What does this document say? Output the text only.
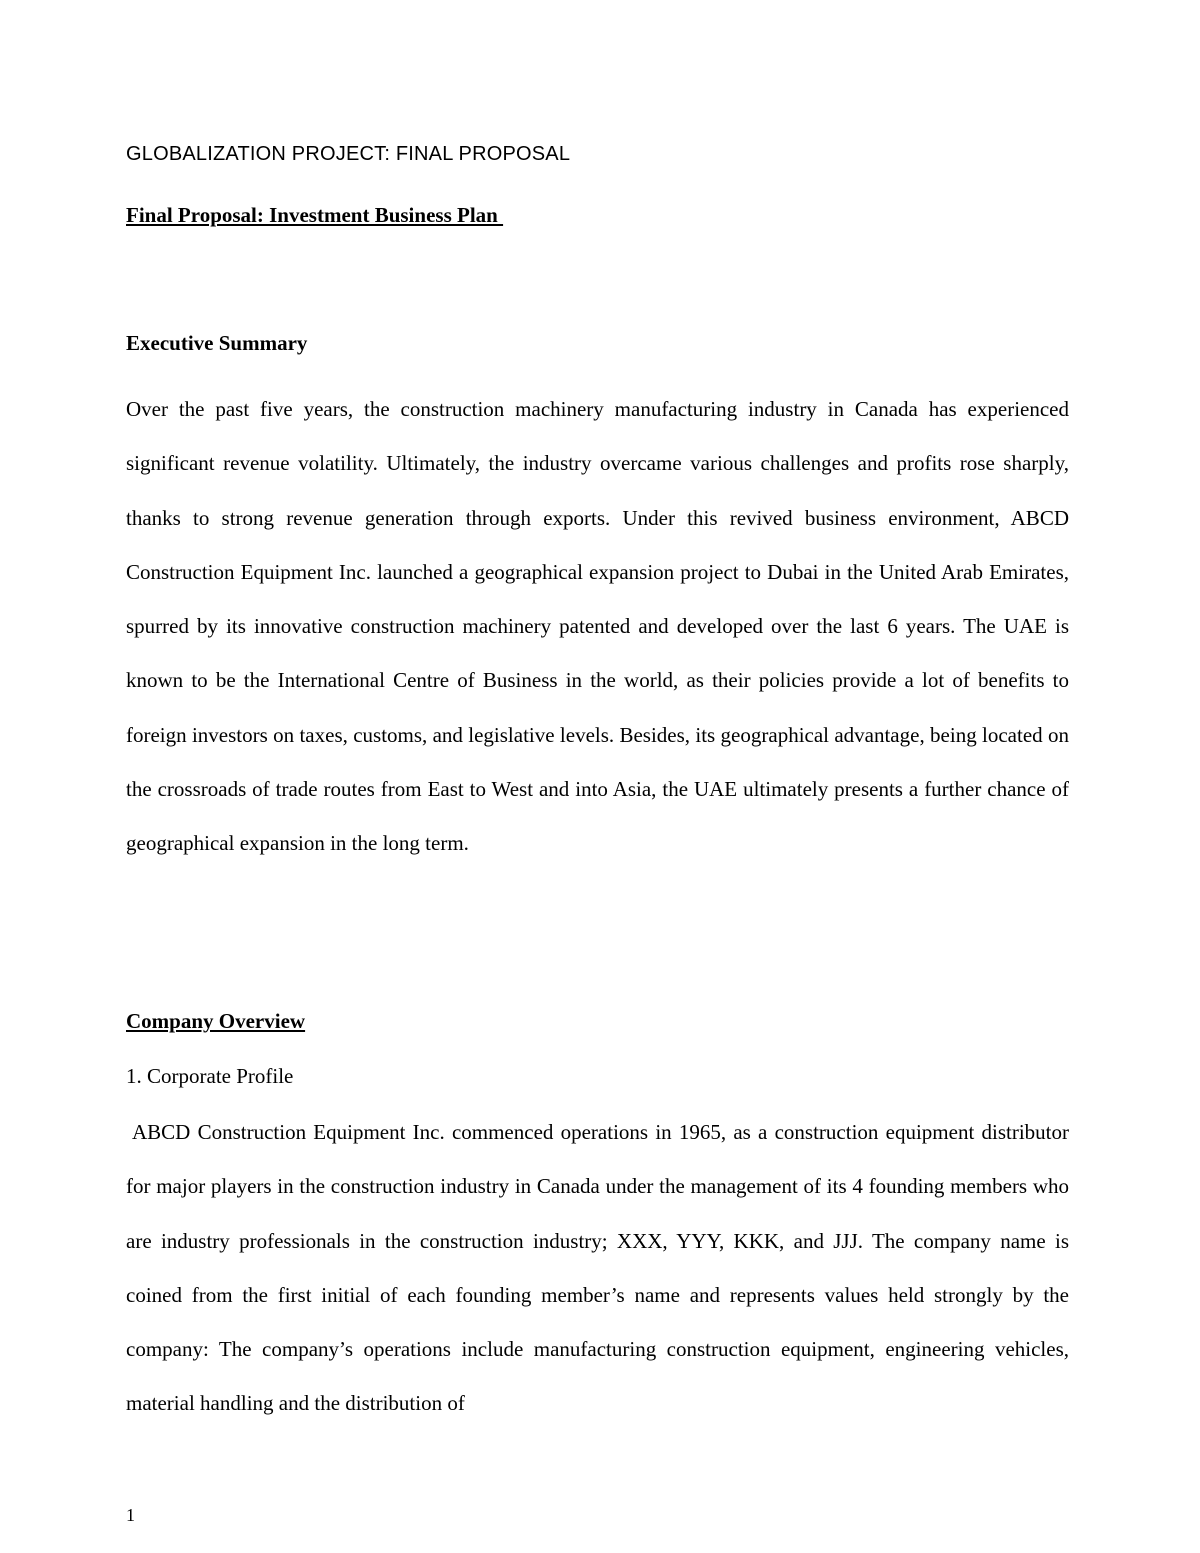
GLOBALIZATION PROJECT: FINAL PROPOSAL
Final Proposal: Investment Business Plan
Executive Summary

Over the past five years, the construction machinery manufacturing industry in Canada has experienced significant revenue volatility. Ultimately, the industry overcame various challenges and profits rose sharply, thanks to strong revenue generation through exports. Under this revived business environment, ABCD Construction Equipment Inc. launched a geographical expansion project to Dubai in the United Arab Emirates, spurred by its innovative construction machinery patented and developed over the last 6 years. The UAE is known to be the International Centre of Business in the world, as their policies provide a lot of benefits to foreign investors on taxes, customs, and legislative levels. Besides, its geographical advantage, being located on the crossroads of trade routes from East to West and into Asia, the UAE ultimately presents a further chance of geographical expansion in the long term.

Company Overview
1. Corporate Profile

ABCD Construction Equipment Inc. commenced operations in 1965, as a construction equipment distributor for major players in the construction industry in Canada under the management of its 4 founding members who are industry professionals in the construction industry; XXX, YYY, KKK, and JJJ. The company name is coined from the first initial of each founding member’s name and represents values held strongly by the company: The company’s operations include manufacturing construction equipment, engineering vehicles, material handling and the distribution of

1
